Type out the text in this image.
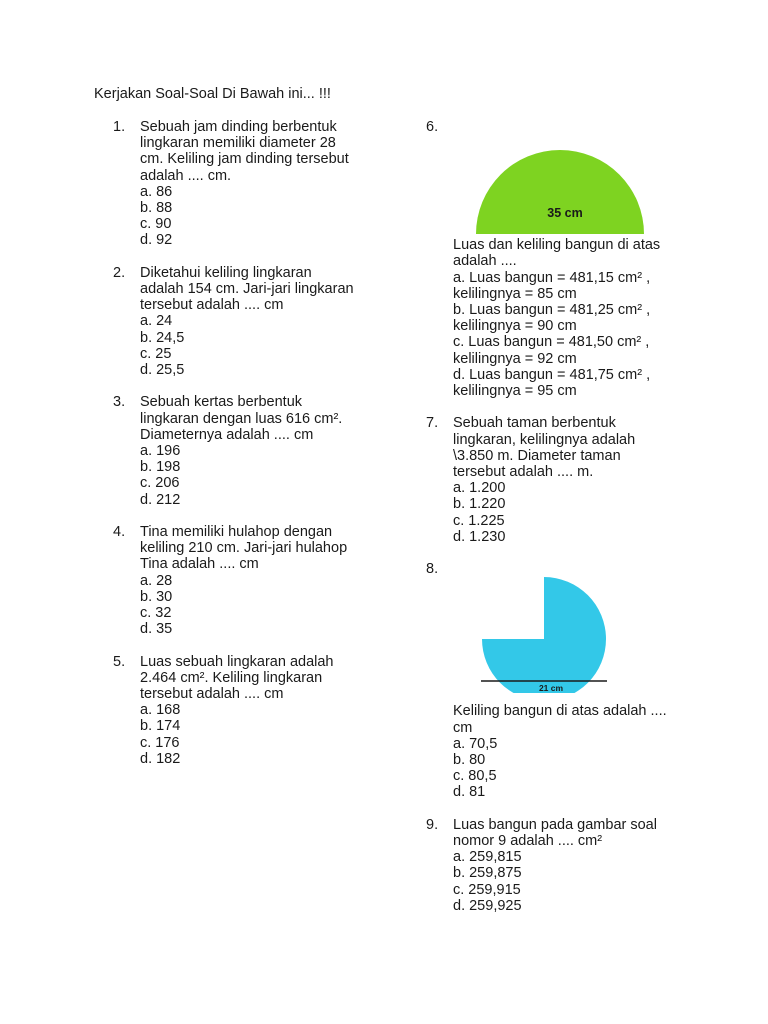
Kerjakan Soal-Soal Di Bawah ini... !!!
1. Sebuah jam dinding berbentuk
lingkaran memiliki diameter 28
cm. Keliling jam dinding tersebut
adalah .... cm.
a. 86
b. 88
c. 90
d. 92
2. Diketahui keliling lingkaran
adalah 154 cm. Jari-jari lingkaran
tersebut adalah .... cm
a. 24
b. 24,5
c. 25
d. 25,5
3. Sebuah kertas berbentuk
lingkaran dengan luas 616 cm².
Diameternya adalah .... cm
a. 196
b. 198
c. 206
d. 212
4. Tina memiliki hulahop dengan
keliling 210 cm. Jari-jari hulahop
Tina adalah .... cm
a. 28
b. 30
c. 32
d. 35
5. Luas sebuah lingkaran adalah
2.464 cm². Keliling lingkaran
tersebut adalah .... cm
a. 168
b. 174
c. 176
d. 182
6.

35 cm
Luas dan keliling bangun di atas
adalah ....
a. Luas bangun = 481,15 cm² ,
kelilingnya = 85 cm
b. Luas bangun = 481,25 cm² ,
kelilingnya = 90 cm
c. Luas bangun = 481,50 cm² ,
kelilingnya = 92 cm
d. Luas bangun = 481,75 cm² ,
kelilingnya = 95 cm
7. Sebuah taman berbentuk
lingkaran, kelilingnya adalah
\3.850 m. Diameter taman
tersebut adalah .... m.
a. 1.200
b. 1.220
c. 1.225
d. 1.230
8.

21 cm
Keliling bangun di atas adalah ....
cm
a. 70,5
b. 80
c. 80,5
d. 81
9. Luas bangun pada gambar soal
nomor 9 adalah .... cm²
a. 259,815
b. 259,875
c. 259,915
d. 259,925
